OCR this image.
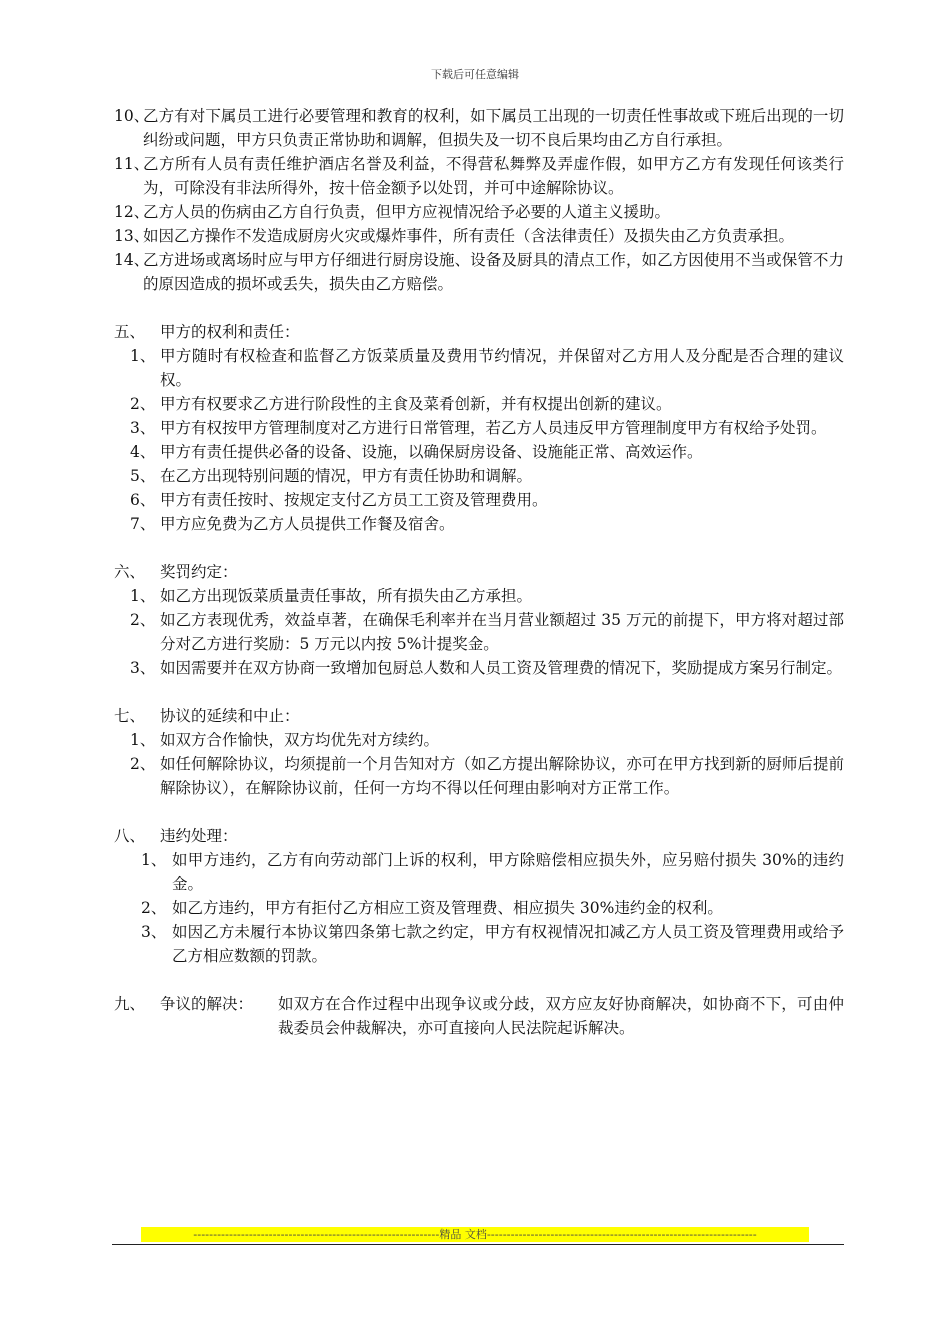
下载后可任意编辑
10、
乙方有对下属员工进行必要管理和教育的权利，如下属员工出现的一切责任性事故或下班后出现的一切纠纷或问题，甲方只负责正常协助和调解，但损失及一切不良后果均由乙方自行承担。
11、
乙方所有人员有责任维护酒店名誉及利益，不得营私舞弊及弄虚作假，如甲方乙方有发现任何该类行为，可除没有非法所得外，按十倍金额予以处罚，并可中途解除协议。
12、
乙方人员的伤病由乙方自行负责，但甲方应视情况给予必要的人道主义援助。
13、
如因乙方操作不发造成厨房火灾或爆炸事件，所有责任（含法律责任）及损失由乙方负责承担。
14、
乙方进场或离场时应与甲方仔细进行厨房设施、设备及厨具的清点工作，如乙方因使用不当或保管不力的原因造成的损坏或丢失，损失由乙方赔偿。
五、 甲方的权利和责任：
1、 甲方随时有权检查和监督乙方饭菜质量及费用节约情况，并保留对乙方用人及分配是否合理的建议权。
2、 甲方有权要求乙方进行阶段性的主食及菜肴创新，并有权提出创新的建议。
3、 甲方有权按甲方管理制度对乙方进行日常管理，若乙方人员违反甲方管理制度甲方有权给予处罚。
4、 甲方有责任提供必备的设备、设施，以确保厨房设备、设施能正常、高效运作。
5、 在乙方出现特别问题的情况，甲方有责任协助和调解。
6、 甲方有责任按时、按规定支付乙方员工工资及管理费用。
7、 甲方应免费为乙方人员提供工作餐及宿舍。
六、 奖罚约定：
1、 如乙方出现饭菜质量责任事故，所有损失由乙方承担。
2、 如乙方表现优秀，效益卓著，在确保毛利率并在当月营业额超过 35 万元的前提下，甲方将对超过部分对乙方进行奖励：5 万元以内按 5%计提奖金。
3、 如因需要并在双方协商一致增加包厨总人数和人员工资及管理费的情况下，奖励提成方案另行制定。
七、 协议的延续和中止：
1、 如双方合作愉快，双方均优先对方续约。
2、 如任何解除协议，均须提前一个月告知对方（如乙方提出解除协议，亦可在甲方找到新的厨师后提前解除协议），在解除协议前，任何一方均不得以任何理由影响对方正常工作。
八、 违约处理：
1、 如甲方违约，乙方有向劳动部门上诉的权利，甲方除赔偿相应损失外，应另赔付损失 30%的违约金。
2、 如乙方违约，甲方有拒付乙方相应工资及管理费、相应损失 30%违约金的权利。
3、 如因乙方未履行本协议第四条第七款之约定，甲方有权视情况扣减乙方人员工资及管理费用或给予乙方相应数额的罚款。
九、 争议的解决： 如双方在合作过程中出现争议或分歧，双方应友好协商解决，如协商不下，可由仲裁委员会仲裁解决，亦可直接向人民法院起诉解决。
--------------------------------------------------------------精品 文档--------------------------------------------------------------------
